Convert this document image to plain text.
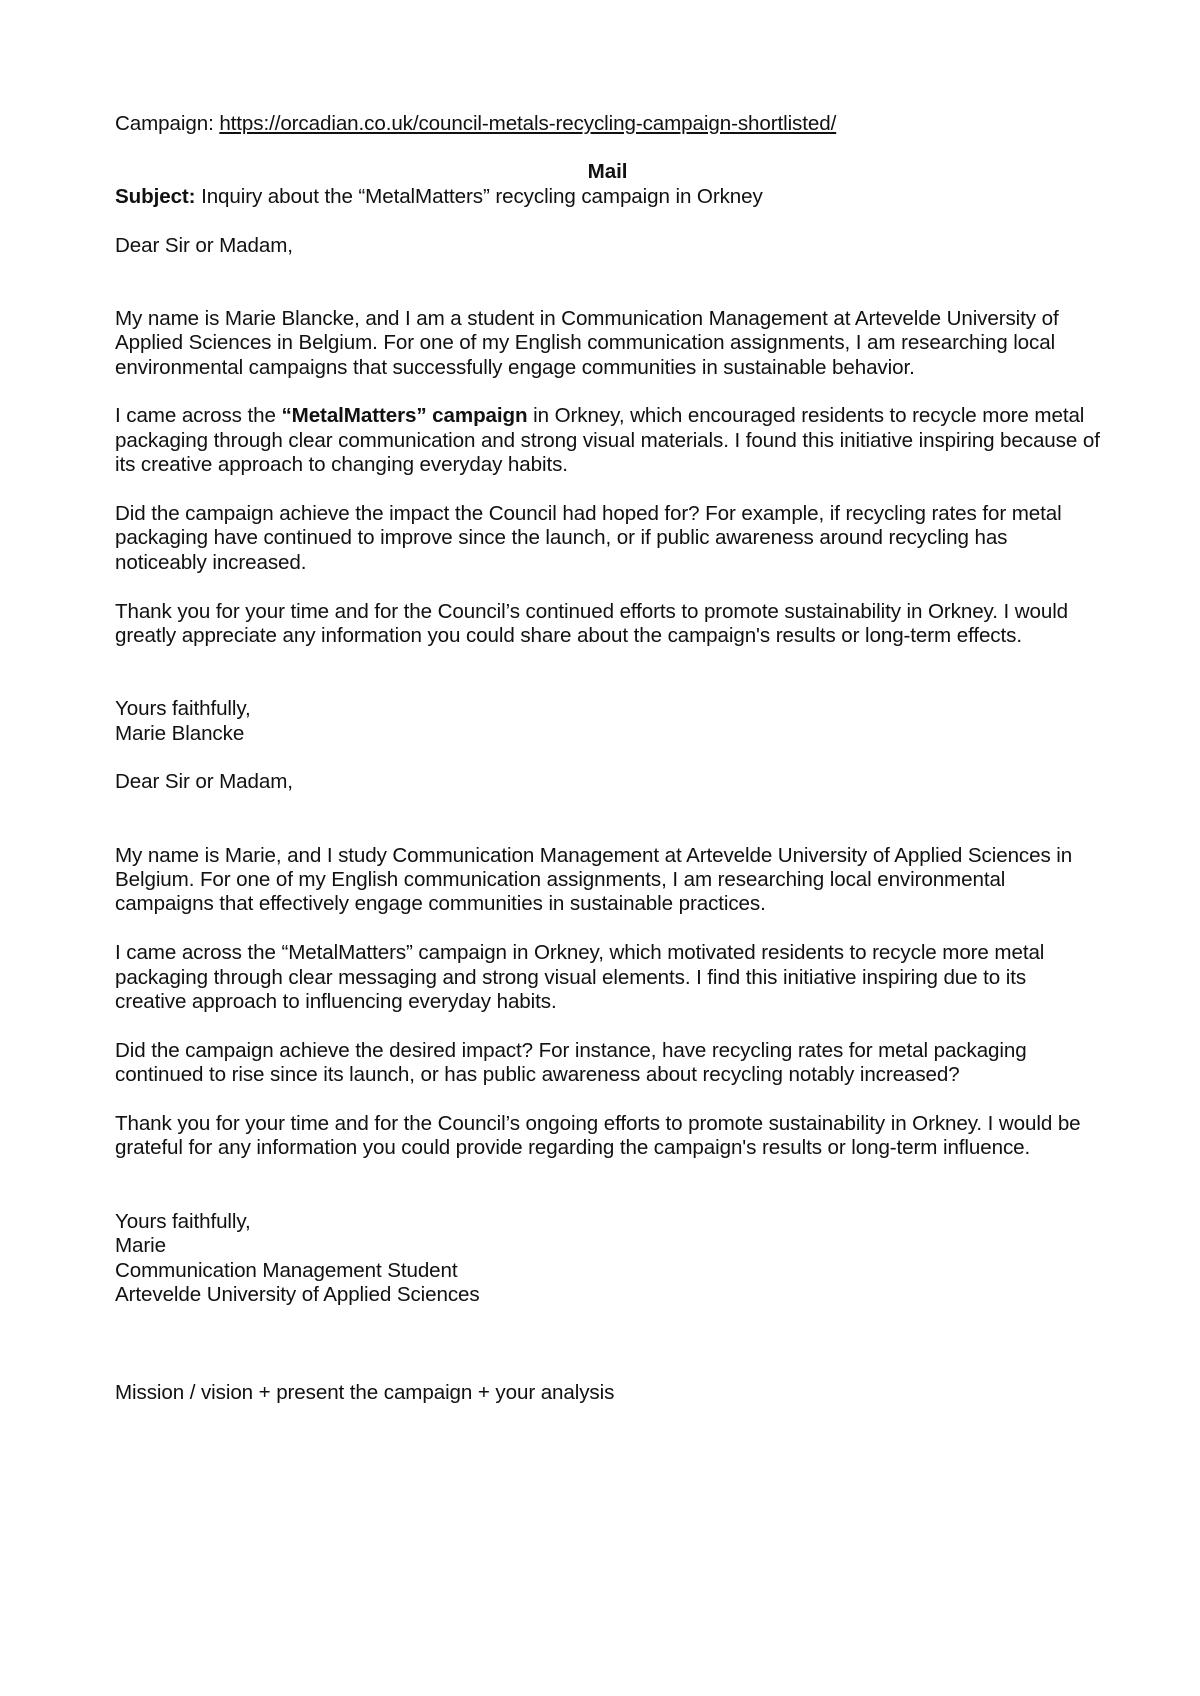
Campaign: https://orcadian.co.uk/council-metals-recycling-campaign-shortlisted/

Mail

Subject: Inquiry about the “MetalMatters” recycling campaign in Orkney

Dear Sir or Madam,

My name is Marie Blancke, and I am a student in Communication Management at Artevelde University of Applied Sciences in Belgium. For one of my English communication assignments, I am researching local environmental campaigns that successfully engage communities in sustainable behavior.

I came across the “MetalMatters” campaign in Orkney, which encouraged residents to recycle more metal packaging through clear communication and strong visual materials. I found this initiative inspiring because of its creative approach to changing everyday habits.

Did the campaign achieve the impact the Council had hoped for? For example, if recycling rates for metal packaging have continued to improve since the launch, or if public awareness around recycling has noticeably increased.

Thank you for your time and for the Council’s continued efforts to promote sustainability in Orkney. I would greatly appreciate any information you could share about the campaign's results or long-term effects.

Yours faithfully,

Marie Blancke

Dear Sir or Madam,

My name is Marie, and I study Communication Management at Artevelde University of Applied Sciences in Belgium. For one of my English communication assignments, I am researching local environmental campaigns that effectively engage communities in sustainable practices.

I came across the “MetalMatters” campaign in Orkney, which motivated residents to recycle more metal packaging through clear messaging and strong visual elements. I find this initiative inspiring due to its creative approach to influencing everyday habits.

Did the campaign achieve the desired impact? For instance, have recycling rates for metal packaging continued to rise since its launch, or has public awareness about recycling notably increased?

Thank you for your time and for the Council’s ongoing efforts to promote sustainability in Orkney. I would be grateful for any information you could provide regarding the campaign's results or long-term influence.

Yours faithfully,

Marie

Communication Management Student

Artevelde University of Applied Sciences

Mission / vision + present the campaign + your analysis
